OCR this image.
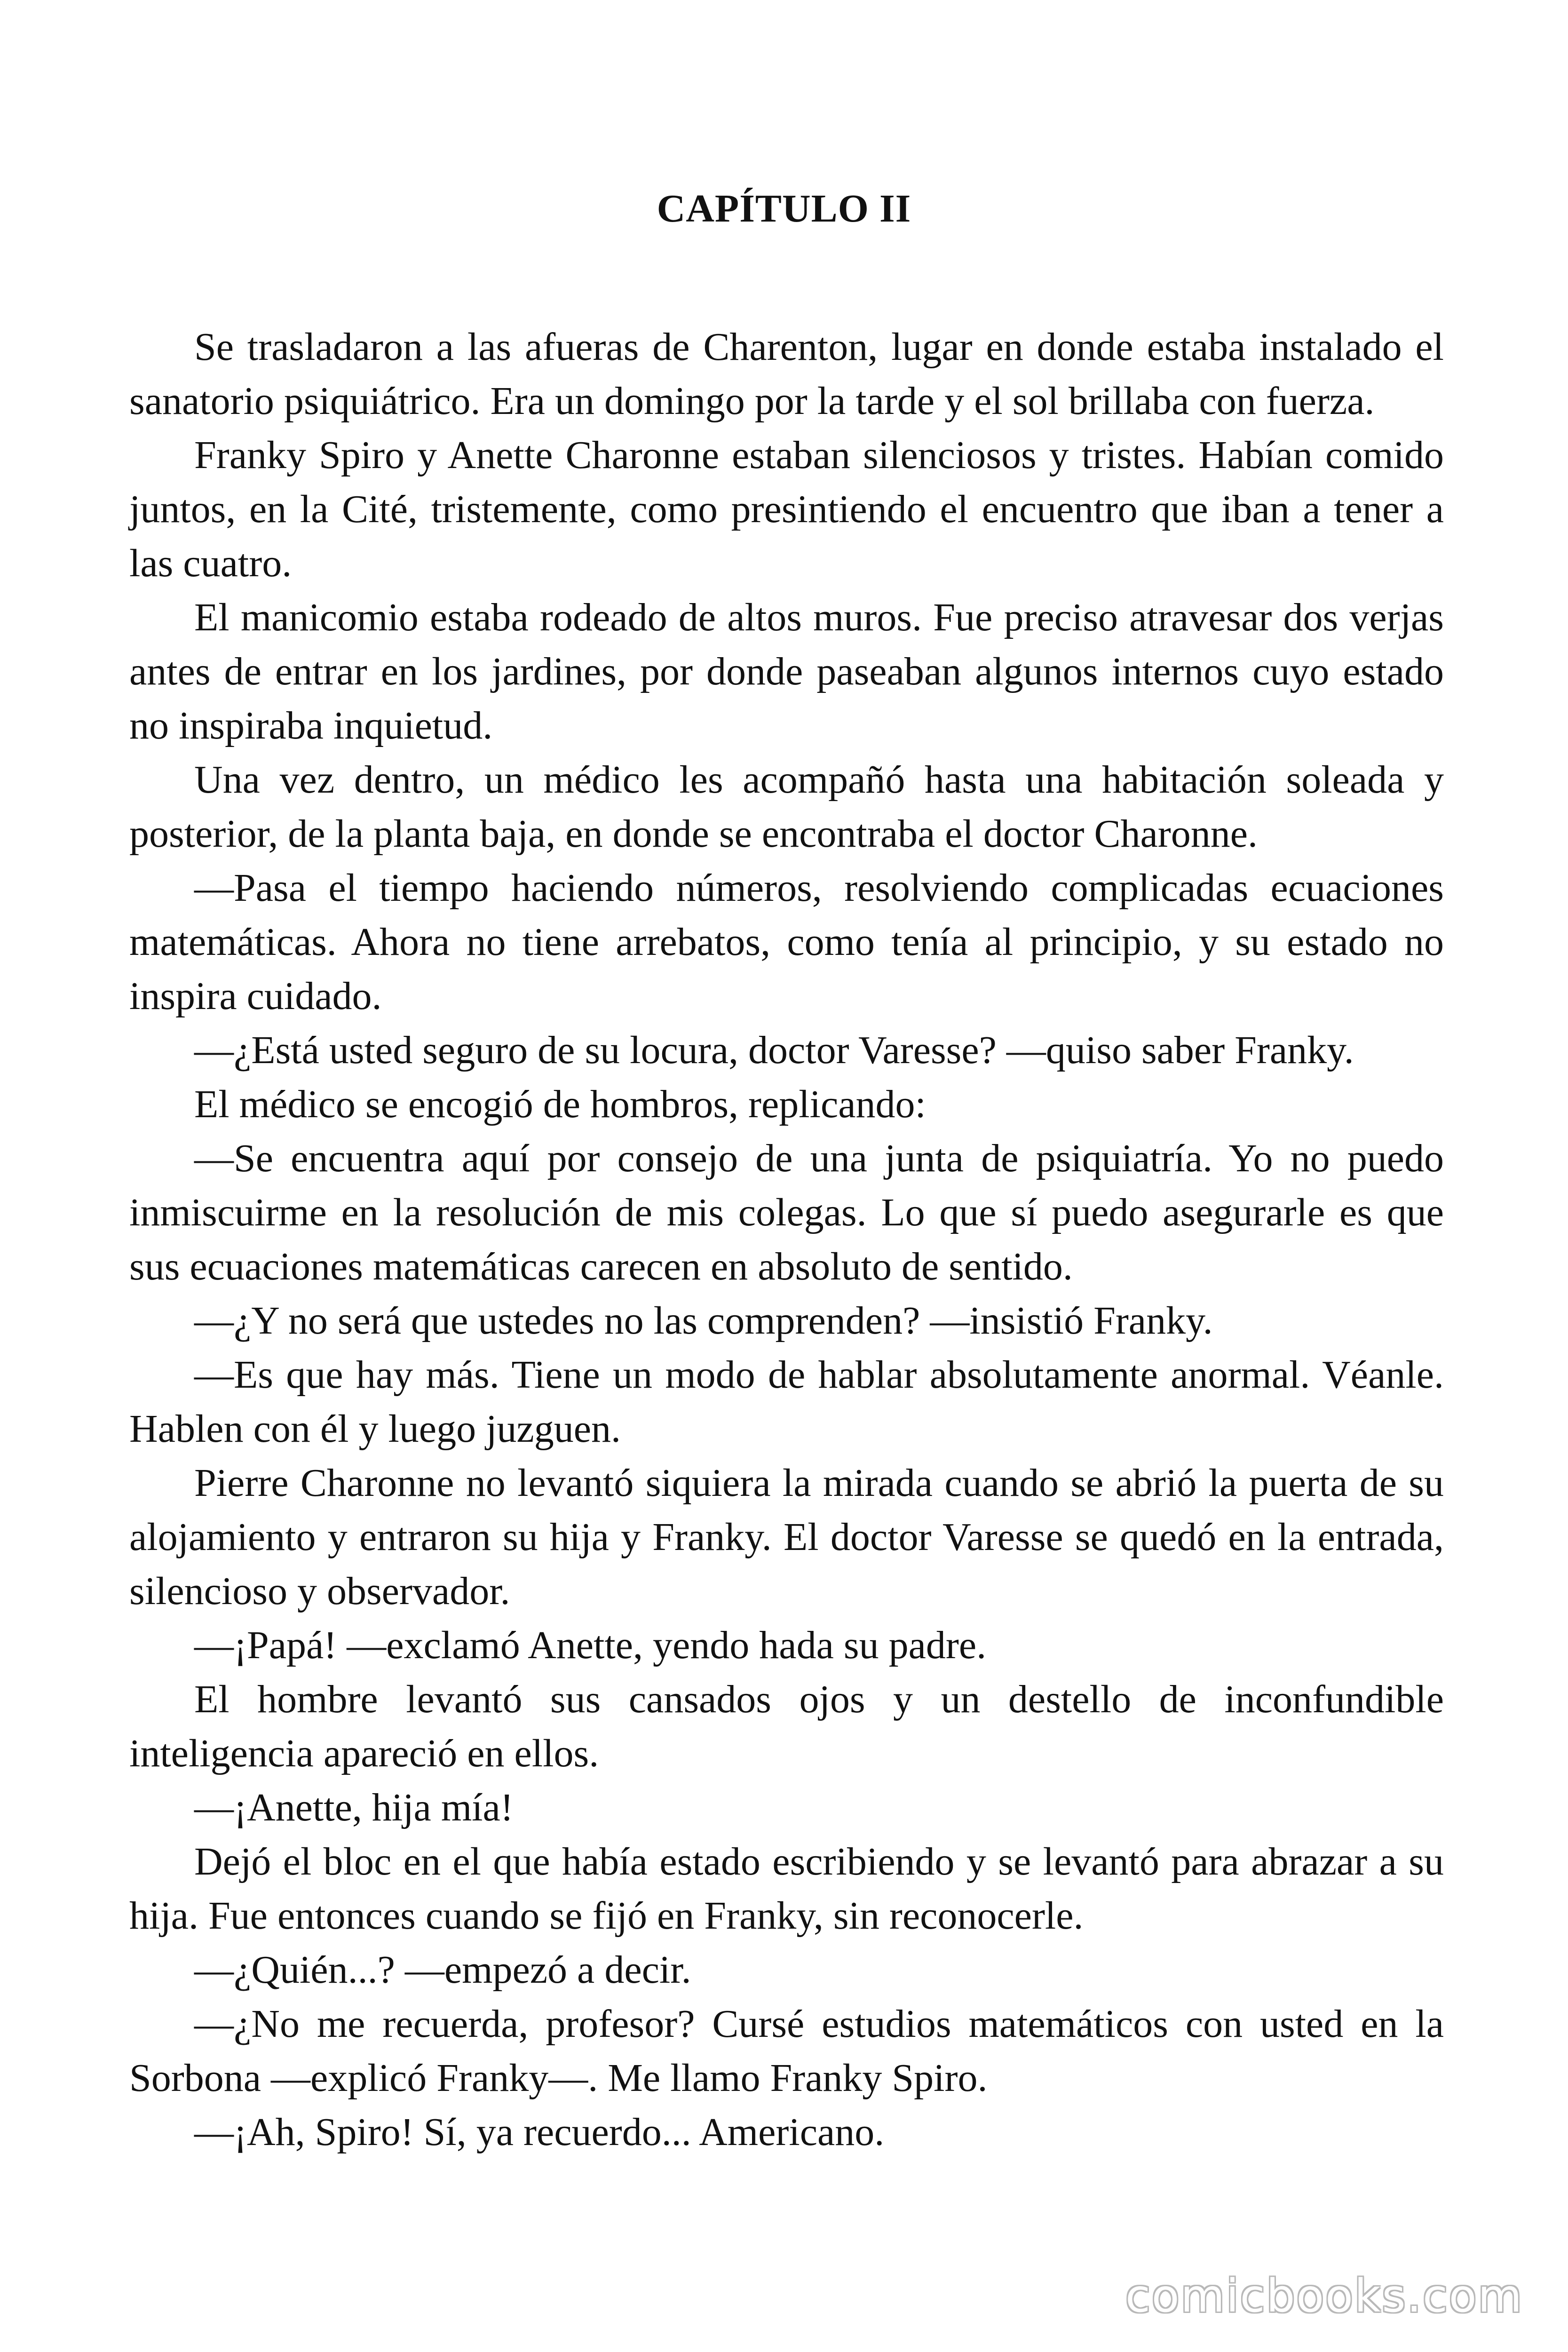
CAPÍTULO II

Se trasladaron a las afueras de Charenton, lugar en donde estaba instalado el sanatorio psiquiátrico. Era un domingo por la tarde y el sol brillaba con fuerza.

Franky Spiro y Anette Charonne estaban silenciosos y tristes. Habían comido juntos, en la Cité, tristemente, como presintiendo el encuentro que iban a tener a las cuatro.

El manicomio estaba rodeado de altos muros. Fue preciso atravesar dos verjas antes de entrar en los jardines, por donde paseaban algunos internos cuyo estado no inspiraba inquietud.

Una vez dentro, un médico les acompañó hasta una habitación soleada y posterior, de la planta baja, en donde se encontraba el doctor Charonne.

—Pasa el tiempo haciendo números, resolviendo complicadas ecuaciones matemáticas. Ahora no tiene arrebatos, como tenía al principio, y su estado no inspira cuidado.

—¿Está usted seguro de su locura, doctor Varesse? —quiso saber Franky.

El médico se encogió de hombros, replicando:

—Se encuentra aquí por consejo de una junta de psiquiatría. Yo no puedo inmiscuirme en la resolución de mis colegas. Lo que sí puedo asegurarle es que sus ecuaciones matemáticas carecen en absoluto de sentido.

—¿Y no será que ustedes no las comprenden? —insistió Franky.

—Es que hay más. Tiene un modo de hablar absolutamente anormal. Véanle. Hablen con él y luego juzguen.

Pierre Charonne no levantó siquiera la mirada cuando se abrió la puerta de su alojamiento y entraron su hija y Franky. El doctor Varesse se quedó en la entrada, silencioso y observador.

—¡Papá! —exclamó Anette, yendo hada su padre.

El hombre levantó sus cansados ojos y un destello de inconfundible inteligencia apareció en ellos.

—¡Anette, hija mía!

Dejó el bloc en el que había estado escribiendo y se levantó para abrazar a su hija. Fue entonces cuando se fijó en Franky, sin reconocerle.

—¿Quién...? —empezó a decir.

—¿No me recuerda, profesor? Cursé estudios matemáticos con usted en la Sorbona —explicó Franky—. Me llamo Franky Spiro.

—¡Ah, Spiro! Sí, ya recuerdo... Americano.

comicbooks.com
